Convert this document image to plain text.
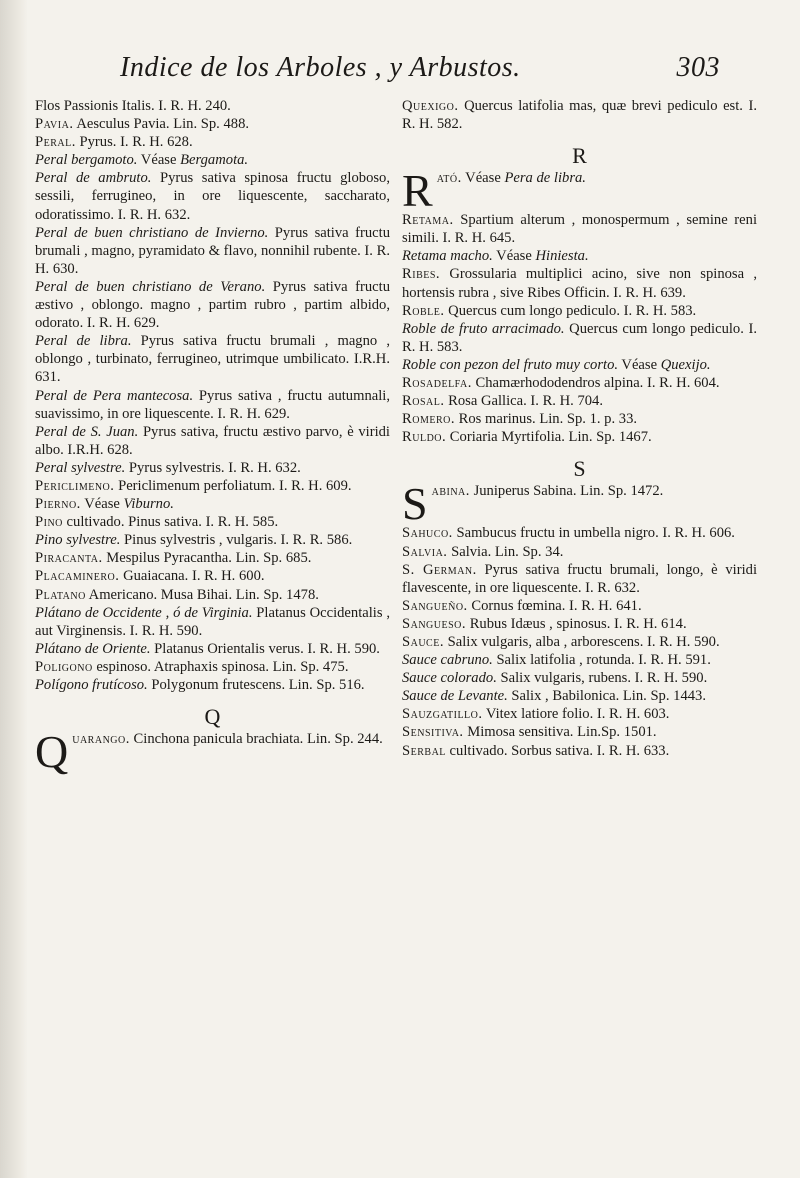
Indice de los Arboles , y Arbustos.	303

Flos Passionis Italis. I. R. H. 240.

Pavia. Aesculus Pavia. Lin. Sp. 488.

Peral. Pyrus. I. R. H. 628.

Peral bergamoto. Véase Bergamota.

Peral de ambruto. Pyrus sativa spinosa fructu globoso, sessili, ferrugineo, in ore liquescente, saccharato, odoratissimo. I. R. H. 632.

Peral de buen christiano de Invierno. Pyrus sativa fructu brumali , magno, pyramidato & flavo, nonnihil rubente. I. R. H. 630.

Peral de buen christiano de Verano. Pyrus sativa fructu æstivo , oblongo. magno , partim rubro , partim albido, odorato. I. R. H. 629.

Peral de libra. Pyrus sativa fructu brumali , magno , oblongo , turbinato, ferrugineo, utrimque umbilicato. I.R.H. 631.

Peral de Pera mantecosa. Pyrus sativa , fructu autumnali, suavissimo, in ore liquescente. I. R. H. 629.

Peral de S. Juan. Pyrus sativa, fructu æstivo parvo, è viridi albo. I.R.H. 628.

Peral sylvestre. Pyrus sylvestris. I. R. H. 632.

Periclimeno. Periclimenum perfoliatum. I. R. H. 609.

Pierno. Véase Viburno.

Pino cultivado. Pinus sativa. I. R. H. 585.

Pino sylvestre. Pinus sylvestris , vulgaris. I. R. R. 586.

Piracanta. Mespilus Pyracantha. Lin. Sp. 685.

Placaminero. Guaiacana. I. R. H. 600.

Platano Americano. Musa Bihai. Lin. Sp. 1478.

Plátano de Occidente , ó de Virginia. Platanus Occidentalis , aut Virginensis. I. R. H. 590.

Plátano de Oriente. Platanus Orientalis verus. I. R. H. 590.

Poligono espinoso. Atraphaxis spinosa. Lin. Sp. 475.

Polígono frutícoso. Polygonum frutescens. Lin. Sp. 516.

Q

Quarango. Cinchona panicula brachiata. Lin. Sp. 244.

Quexigo. Quercus latifolia mas, quæ brevi pediculo est. I. R. H. 582.

R

Rató. Véase Pera de libra.

Retama. Spartium alterum , monospermum , semine reni simili. I. R. H. 645.

Retama macho. Véase Hiniesta.

Ribes. Grossularia multiplici acino, sive non spinosa , hortensis rubra , sive Ribes Officin. I. R. H. 639.

Roble. Quercus cum longo pediculo. I. R. H. 583.

Roble de fruto arracimado. Quercus cum longo pediculo. I. R. H. 583.

Roble con pezon del fruto muy corto. Véase Quexijo.

Rosadelfa. Chamærhododendros alpina. I. R. H. 604.

Rosal. Rosa Gallica. I. R. H. 704.

Romero. Ros marinus. Lin. Sp. 1. p. 33.

Ruldo. Coriaria Myrtifolia. Lin. Sp. 1467.

S

Sabina. Juniperus Sabina. Lin. Sp. 1472.

Sahuco. Sambucus fructu in umbella nigro. I. R. H. 606.

Salvia. Salvia. Lin. Sp. 34.

S. German. Pyrus sativa fructu brumali, longo, è viridi flavescente, in ore liquescente. I. R. 632.

Sangueño. Cornus fœmina. I. R. H. 641.

Sangueso. Rubus Idæus , spinosus. I. R. H. 614.

Sauce. Salix vulgaris, alba , arborescens. I. R. H. 590.

Sauce cabruno. Salix latifolia , rotunda. I. R. H. 591.

Sauce colorado. Salix vulgaris, rubens. I. R. H. 590.

Sauce de Levante. Salix , Babilonica. Lin. Sp. 1443.

Sauzgatillo. Vitex latiore folio. I. R. H. 603.

Sensitiva. Mimosa sensitiva. Lin.Sp. 1501.

Serbal cultivado. Sorbus sativa. I. R. H. 633.
